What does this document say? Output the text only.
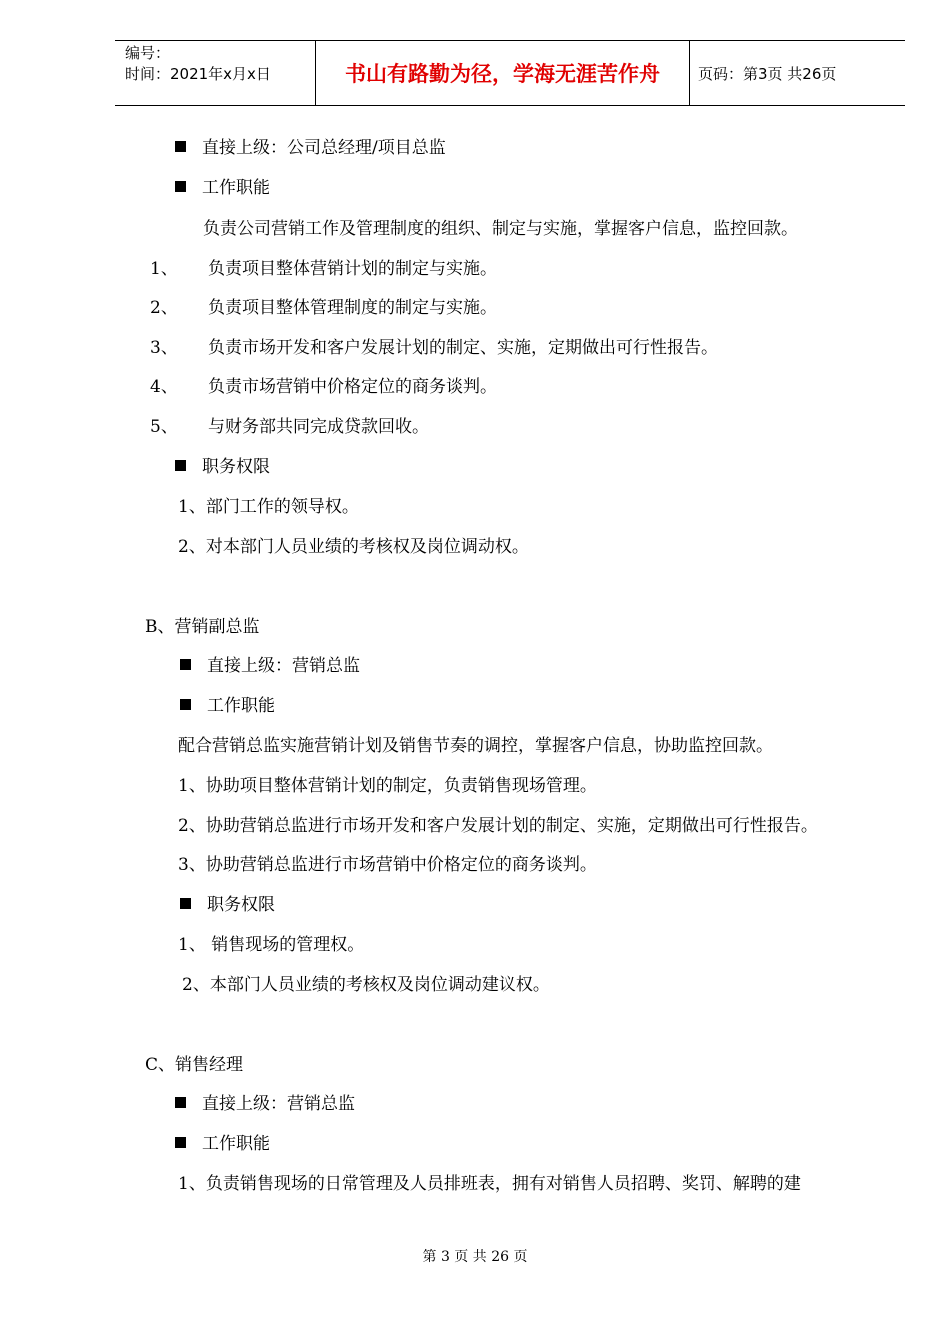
编号：
时间：2021年x月x日	书山有路勤为径，学海无涯苦作舟	页码：第3页 共26页
直接上级：公司总经理/项目总监
工作职能
负责公司营销工作及管理制度的组织、制定与实施，掌握客户信息，监控回款。
1、 负责项目整体营销计划的制定与实施。
2、 负责项目整体管理制度的制定与实施。
3、 负责市场开发和客户发展计划的制定、实施，定期做出可行性报告。
4、 负责市场营销中价格定位的商务谈判。
5、 与财务部共同完成贷款回收。
职务权限
1、部门工作的领导权。
2、对本部门人员业绩的考核权及岗位调动权。
B、营销副总监
直接上级：营销总监
工作职能
配合营销总监实施营销计划及销售节奏的调控，掌握客户信息，协助监控回款。
1、协助项目整体营销计划的制定，负责销售现场管理。
2、协助营销总监进行市场开发和客户发展计划的制定、实施，定期做出可行性报告。
3、协助营销总监进行市场营销中价格定位的商务谈判。
职务权限
1、 销售现场的管理权。
2、本部门人员业绩的考核权及岗位调动建议权。
C、销售经理
直接上级：营销总监
工作职能
1、负责销售现场的日常管理及人员排班表，拥有对销售人员招聘、奖罚、解聘的建
第 3 页 共 26 页
